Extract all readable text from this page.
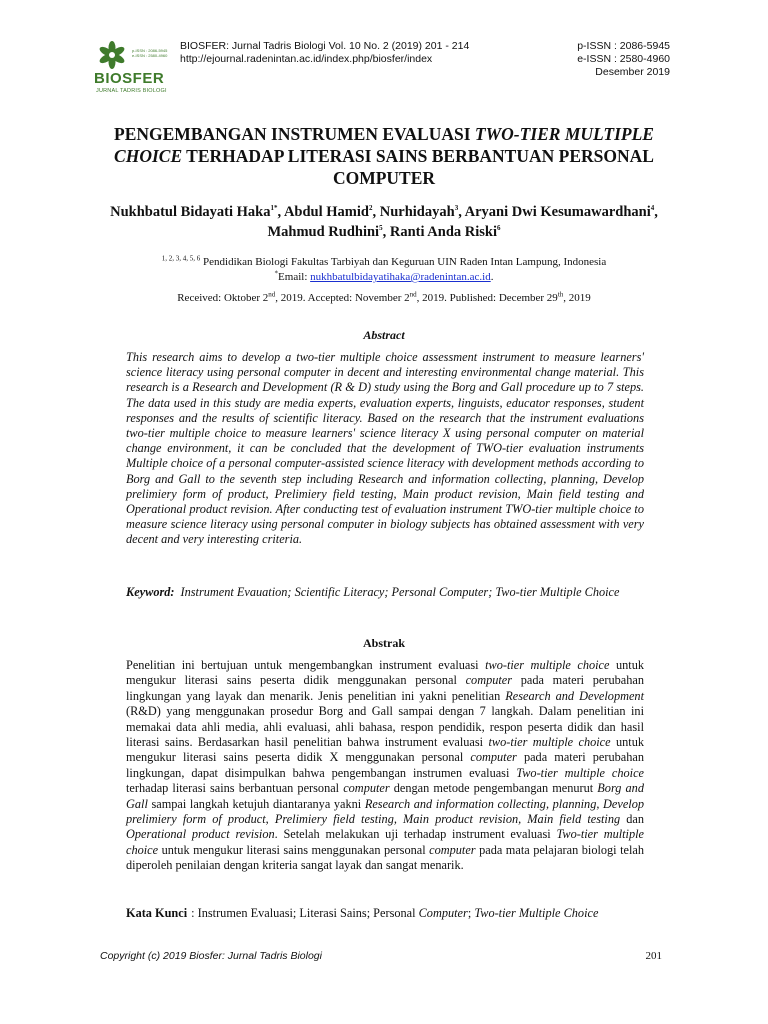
p-ISSN : 2086-5945
e-ISSN : 2580-4960
BIOSFER
JURNAL TADRIS BIOLOGI
BIOSFER: Jurnal Tadris Biologi Vol. 10 No. 2 (2019) 201 - 214
http://ejournal.radenintan.ac.id/index.php/biosfer/index
p-ISSN : 2086-5945
e-ISSN : 2580-4960
Desember 2019
PENGEMBANGAN INSTRUMEN EVALUASI TWO-TIER MULTIPLE CHOICE TERHADAP LITERASI SAINS BERBANTUAN PERSONAL COMPUTER
Nukhbatul Bidayati Haka$^{1*}$, Abdul Hamid$^2$, Nurhidayah$^3$, Aryani Dwi Kesumawardhani$^4$, Mahmud Rudhini$^5$, Ranti Anda Riski$^6$
$^{1, 2, 3, 4, 5, 6}$ Pendidikan Biologi Fakultas Tarbiyah dan Keguruan UIN Raden Intan Lampung, Indonesia
*Email: nukhbatulbidayatihaka@radenintan.ac.id.
Received: Oktober 2nd, 2019. Accepted: November 2nd, 2019. Published: December 29th, 2019
Abstract
This research aims to develop a two-tier multiple choice assessment instrument to measure learners' science literacy using personal computer in decent and interesting environmental change material. This research is a Research and Development (R & D) study using the Borg and Gall procedure up to 7 steps. The data used in this study are media experts, evaluation experts, linguists, educator responses, student responses and the results of scientific literacy. Based on the research that the instrument evaluations two-tier multiple choice to measure learners' science literacy X using personal computer on material change environment, it can be concluded that the development of TWO-tier evaluation instruments Multiple choice of a personal computer-assisted science literacy with development methods according to Borg and Gall to the seventh step including Research and information collecting, planning, Develop prelimiery form of product, Prelimiery field testing, Main product revision, Main field testing and Operational product revision. After conducting test of evaluation instrument TWO-tier multiple choice to measure science literacy using personal computer in biology subjects has obtained assessment with very decent and very interesting criteria.
Keyword: Instrument Evauation; Scientific Literacy; Personal Computer; Two-tier Multiple Choice
Abstrak
Penelitian ini bertujuan untuk mengembangkan instrument evaluasi two-tier multiple choice untuk mengukur literasi sains peserta didik menggunakan personal computer pada materi perubahan lingkungan yang layak dan menarik. Jenis penelitian ini yakni penelitian Research and Development (R&D) yang menggunakan prosedur Borg and Gall sampai dengan 7 langkah. Dalam penelitian ini memakai data ahli media, ahli evaluasi, ahli bahasa, respon pendidik, respon peserta didik dan hasil literasi sains. Berdasarkan hasil penelitian bahwa instrument evaluasi two-tier multiple choice untuk mengukur literasi sains peserta didik X menggunakan personal computer pada materi perubahan lingkungan, dapat disimpulkan bahwa pengembangan instrumen evaluasi Two-tier multiple choice terhadap literasi sains berbantuan personal computer dengan metode pengembangan menurut Borg and Gall sampai langkah ketujuh diantaranya yakni Research and information collecting, planning, Develop prelimiery form of product, Prelimiery field testing, Main product revision, Main field testing dan Operational product revision. Setelah melakukan uji terhadap instrument evaluasi Two-tier multiple choice untuk mengukur literasi sains menggunakan personal computer pada mata pelajaran biologi telah diperoleh penilaian dengan kriteria sangat layak dan sangat menarik.
Kata Kunci : Instrumen Evaluasi; Literasi Sains; Personal Computer; Two-tier Multiple Choice
Copyright (c) 2019 Biosfer: Jurnal Tadris Biologi	201
